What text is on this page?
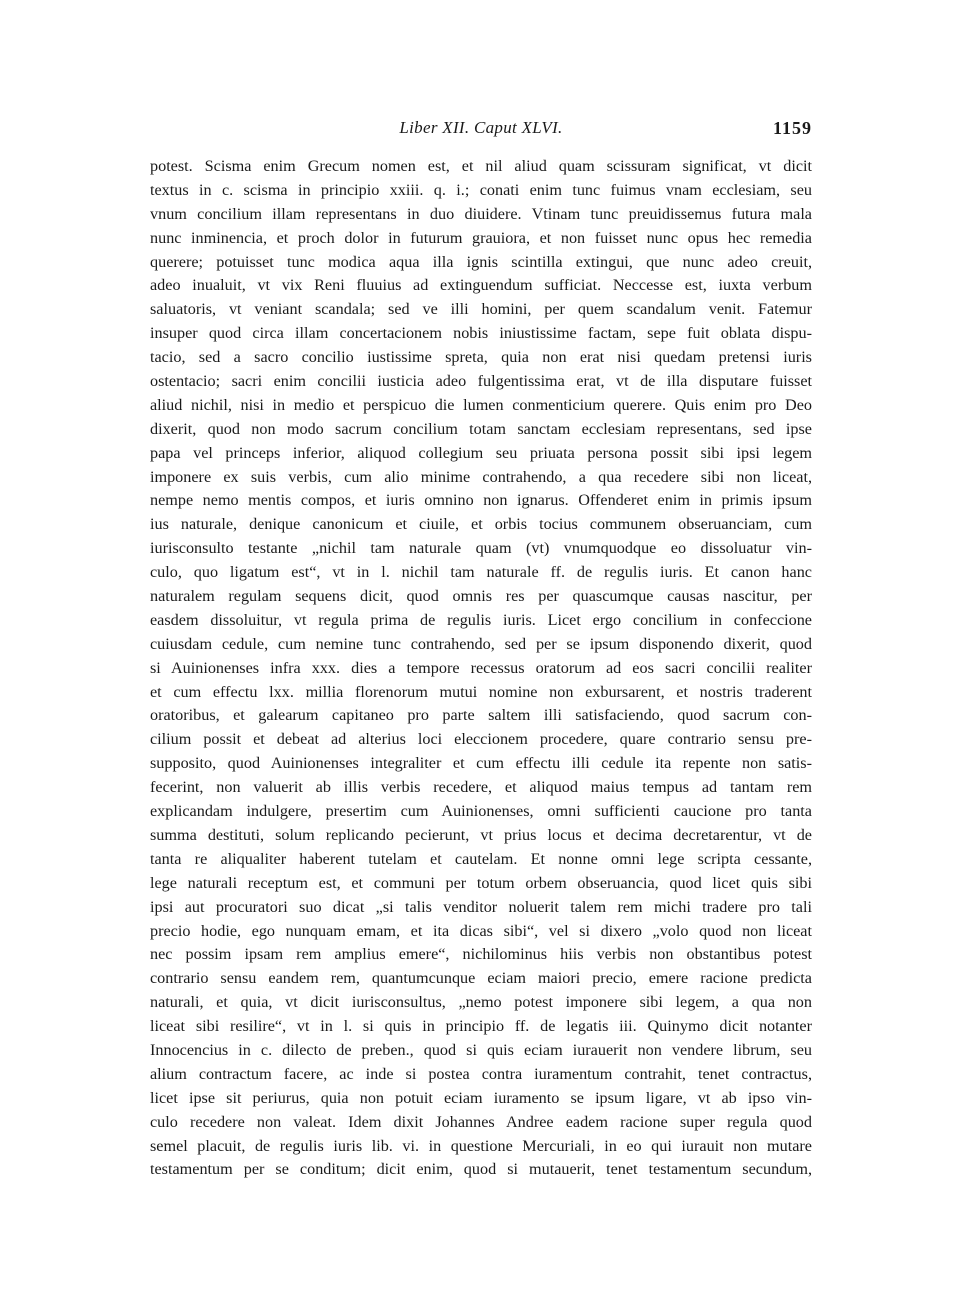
Liber XII. Caput XLVI.	1159
potest. Scisma enim Grecum nomen est, et nil aliud quam scissuram significat, vt dicit
textus in c. scisma in principio xxiii. q. i.; conati enim tunc fuimus vnam ecclesiam, seu
vnum concilium illam representans in duo diuidere. Vtinam tunc preuidissemus futura mala
nunc inminencia, et proch dolor in futurum grauiora, et non fuisset nunc opus hec remedia
querere; potuisset tunc modica aqua illa ignis scintilla extingui, que nunc adeo creuit,
adeo inualuit, vt vix Reni fluuius ad extinguendum sufficiat. Neccesse est, iuxta verbum
saluatoris, vt veniant scandala; sed ve illi homini, per quem scandalum venit. Fatemur
insuper quod circa illam concertacionem nobis iniustissime factam, sepe fuit oblata dispu-
tacio, sed a sacro concilio iustissime spreta, quia non erat nisi quedam pretensi iuris
ostentacio; sacri enim concilii iusticia adeo fulgentissima erat, vt de illa disputare fuisset
aliud nichil, nisi in medio et perspicuo die lumen conmenticium querere. Quis enim pro Deo
dixerit, quod non modo sacrum concilium totam sanctam ecclesiam representans, sed ipse
papa vel princeps inferior, aliquod collegium seu priuata persona possit sibi ipsi legem
imponere ex suis verbis, cum alio minime contrahendo, a qua recedere sibi non liceat,
nempe nemo mentis compos, et iuris omnino non ignarus. Offenderet enim in primis ipsum
ius naturale, denique canonicum et ciuile, et orbis tocius communem obseruanciam, cum
iurisconsulto testante „nichil tam naturale quam (vt) vnumquodque eo dissoluatur vin-
culo, quo ligatum est“, vt in l. nichil tam naturale ff. de regulis iuris. Et canon hanc
naturalem regulam sequens dicit, quod omnis res per quascumque causas nascitur, per
easdem dissoluitur, vt regula prima de regulis iuris. Licet ergo concilium in confeccione
cuiusdam cedule, cum nemine tunc contrahendo, sed per se ipsum disponendo dixerit, quod
si Auinionenses infra xxx. dies a tempore recessus oratorum ad eos sacri concilii realiter
et cum effectu lxx. millia florenorum mutui nomine non exbursarent, et nostris traderent
oratoribus, et galearum capitaneo pro parte saltem illi satisfaciendo, quod sacrum con-
cilium possit et debeat ad alterius loci eleccionem procedere, quare contrario sensu pre-
supposito, quod Auinionenses integraliter et cum effectu illi cedule ita repente non satis-
fecerint, non valuerit ab illis verbis recedere, et aliquod maius tempus ad tantam rem
explicandam indulgere, presertim cum Auinionenses, omni sufficienti caucione pro tanta
summa destituti, solum replicando pecierunt, vt prius locus et decima decretarentur, vt de
tanta re aliqualiter haberent tutelam et cautelam. Et nonne omni lege scripta cessante,
lege naturali receptum est, et communi per totum orbem obseruancia, quod licet quis sibi
ipsi aut procuratori suo dicat „si talis venditor noluerit talem rem michi tradere pro tali
precio hodie, ego nunquam emam, et ita dicas sibi“, vel si dixero „volo quod non liceat
nec possim ipsam rem amplius emere“, nichilominus hiis verbis non obstantibus potest
contrario sensu eandem rem, quantumcunque eciam maiori precio, emere racione predicta
naturali, et quia, vt dicit iurisconsultus, „nemo potest imponere sibi legem, a qua non
liceat sibi resilire“, vt in l. si quis in principio ff. de legatis iii. Quinymo dicit notanter
Innocencius in c. dilecto de preben., quod si quis eciam iurauerit non vendere librum, seu
alium contractum facere, ac inde si postea contra iuramentum contrahit, tenet contractus,
licet ipse sit periurus, quia non potuit eciam iuramento se ipsum ligare, vt ab ipso vin-
culo recedere non valeat. Idem dixit Johannes Andree eadem racione super regula quod
semel placuit, de regulis iuris lib. vi. in questione Mercuriali, in eo qui iurauit non mutare
testamentum per se conditum; dicit enim, quod si mutauerit, tenet testamentum secundum,
